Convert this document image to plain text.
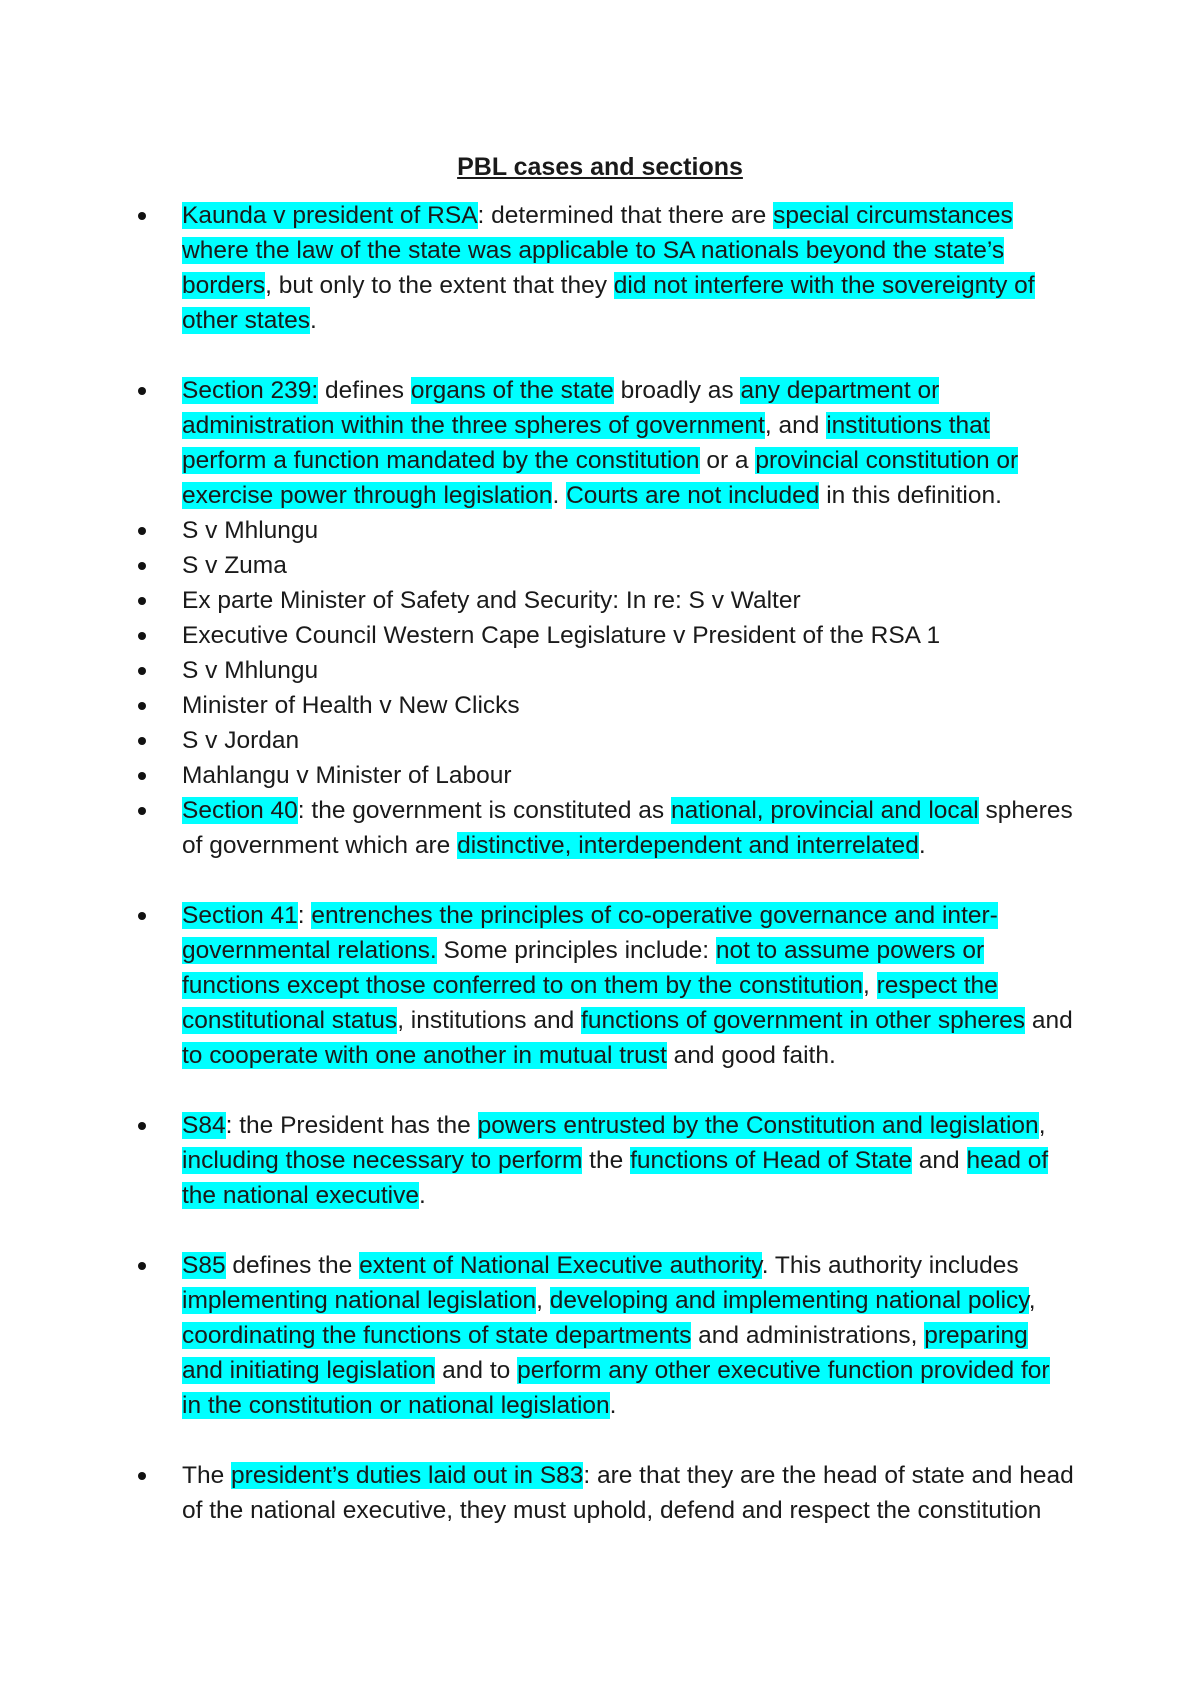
PBL cases and sections
Kaunda v president of RSA: determined that there are special circumstances where the law of the state was applicable to SA nationals beyond the state’s borders, but only to the extent that they did not interfere with the sovereignty of other states.
Section 239: defines organs of the state broadly as any department or administration within the three spheres of government, and institutions that perform a function mandated by the constitution or a provincial constitution or exercise power through legislation. Courts are not included in this definition.
S v Mhlungu
S v Zuma
Ex parte Minister of Safety and Security: In re: S v Walter
Executive Council Western Cape Legislature v President of the RSA 1
S v Mhlungu
Minister of Health v New Clicks
S v Jordan
Mahlangu v Minister of Labour
Section 40: the government is constituted as national, provincial and local spheres of government which are distinctive, interdependent and interrelated.
Section 41: entrenches the principles of co-operative governance and inter-governmental relations. Some principles include: not to assume powers or functions except those conferred to on them by the constitution, respect the constitutional status, institutions and functions of government in other spheres and to cooperate with one another in mutual trust and good faith.
S84: the President has the powers entrusted by the Constitution and legislation, including those necessary to perform the functions of Head of State and head of the national executive.
S85 defines the extent of National Executive authority. This authority includes implementing national legislation, developing and implementing national policy, coordinating the functions of state departments and administrations, preparing and initiating legislation and to perform any other executive function provided for in the constitution or national legislation.
The president’s duties laid out in S83: are that they are the head of state and head of the national executive, they must uphold, defend and respect the constitution
